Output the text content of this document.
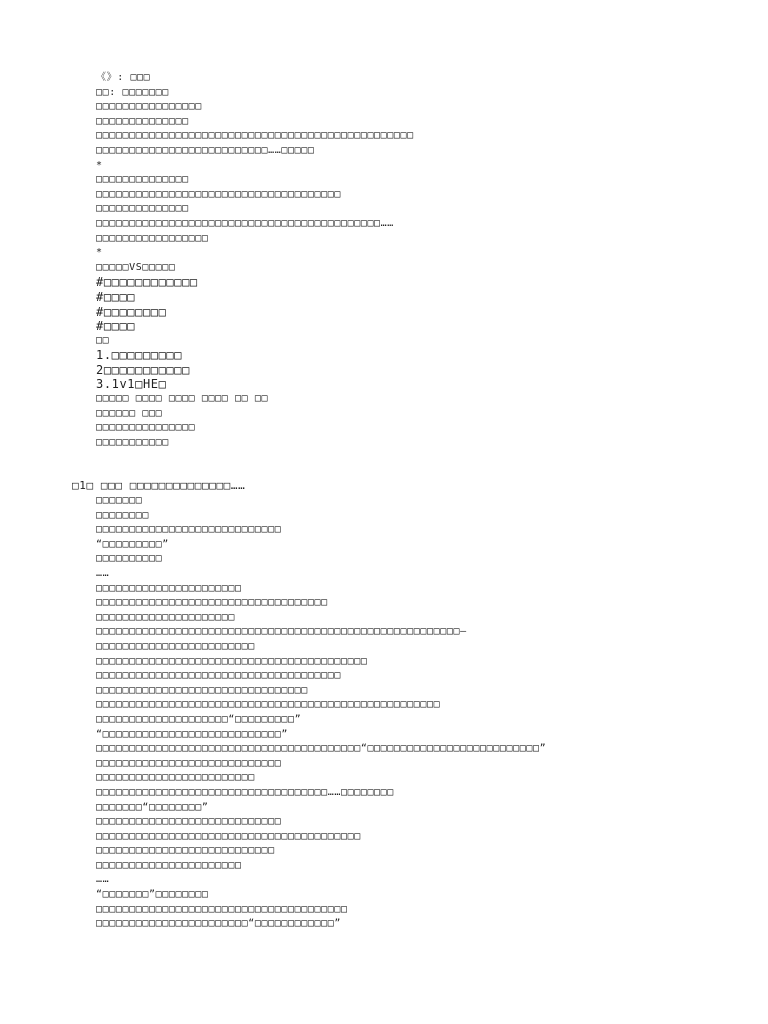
《》: □□□
□□: □□□□□□□
□□□□□□□□□□□□□□□□
□□□□□□□□□□□□□□
□□□□□□□□□□□□□□□□□□□□□□□□□□□□□□□□□□□□□□□□□□□□□□□□
□□□□□□□□□□□□□□□□□□□□□□□□□□……□□□□□
*
□□□□□□□□□□□□□□
□□□□□□□□□□□□□□□□□□□□□□□□□□□□□□□□□□□□□
□□□□□□□□□□□□□□
□□□□□□□□□□□□□□□□□□□□□□□□□□□□□□□□□□□□□□□□□□□……
□□□□□□□□□□□□□□□□□
*
□□□□□VS□□□□□
#□□□□□□□□□□□□
#□□□□
#□□□□□□□□
#□□□□
□□
1.□□□□□□□□□
2□□□□□□□□□□□
3.1v1□HE□
□□□□□ □□□□ □□□□ □□□□ □□ □□
□□□□□□ □□□
□□□□□□□□□□□□□□□
□□□□□□□□□□□
□1□ □□□ □□□□□□□□□□□□□□……
□□□□□□□
□□□□□□□□
□□□□□□□□□□□□□□□□□□□□□□□□□□□□
“□□□□□□□□□”
□□□□□□□□□□
……
□□□□□□□□□□□□□□□□□□□□□□
□□□□□□□□□□□□□□□□□□□□□□□□□□□□□□□□□□□
□□□□□□□□□□□□□□□□□□□□□
□□□□□□□□□□□□□□□□□□□□□□□□□□□□□□□□□□□□□□□□□□□□□□□□□□□□□□□—
□□□□□□□□□□□□□□□□□□□□□□□□
□□□□□□□□□□□□□□□□□□□□□□□□□□□□□□□□□□□□□□□□□
□□□□□□□□□□□□□□□□□□□□□□□□□□□□□□□□□□□□□
□□□□□□□□□□□□□□□□□□□□□□□□□□□□□□□□
□□□□□□□□□□□□□□□□□□□□□□□□□□□□□□□□□□□□□□□□□□□□□□□□□□□□
□□□□□□□□□□□□□□□□□□□□“□□□□□□□□□”
“□□□□□□□□□□□□□□□□□□□□□□□□□□□”
□□□□□□□□□□□□□□□□□□□□□□□□□□□□□□□□□□□□□□□□“□□□□□□□□□□□□□□□□□□□□□□□□□□”
□□□□□□□□□□□□□□□□□□□□□□□□□□□□
□□□□□□□□□□□□□□□□□□□□□□□□
□□□□□□□□□□□□□□□□□□□□□□□□□□□□□□□□□□□……□□□□□□□□
□□□□□□□“□□□□□□□□”
□□□□□□□□□□□□□□□□□□□□□□□□□□□□
□□□□□□□□□□□□□□□□□□□□□□□□□□□□□□□□□□□□□□□□
□□□□□□□□□□□□□□□□□□□□□□□□□□□
□□□□□□□□□□□□□□□□□□□□□□
……
“□□□□□□□”□□□□□□□□
□□□□□□□□□□□□□□□□□□□□□□□□□□□□□□□□□□□□□□
□□□□□□□□□□□□□□□□□□□□□□□“□□□□□□□□□□□□”
